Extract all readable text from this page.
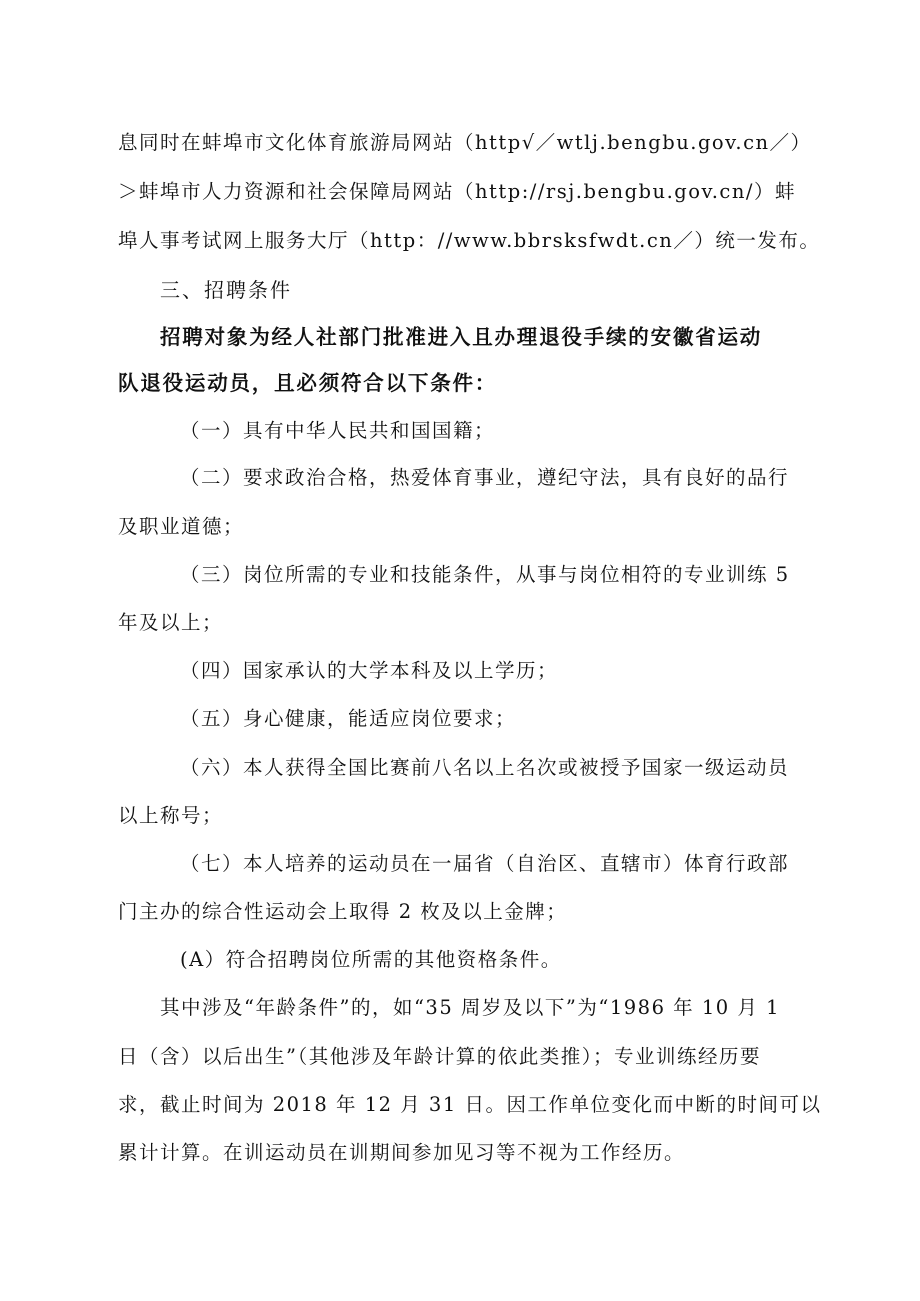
息同时在蚌埠市文化体育旅游局网站（http√／wtlj.bengbu.gov.cn／）
＞蚌埠市人力资源和社会保障局网站（http://rsj.bengbu.gov.cn/）蚌
埠人事考试网上服务大厅（http：//www.bbrsksfwdt.cn／）统一发布。
三、招聘条件
招聘对象为经人社部门批准进入且办理退役手续的安徽省运动
队退役运动员，且必须符合以下条件：
（一）具有中华人民共和国国籍；
（二）要求政治合格，热爱体育事业，遵纪守法，具有良好的品行
及职业道德；
（三）岗位所需的专业和技能条件，从事与岗位相符的专业训练 5
年及以上；
（四）国家承认的大学本科及以上学历；
（五）身心健康，能适应岗位要求；
（六）本人获得全国比赛前八名以上名次或被授予国家一级运动员
以上称号；
（七）本人培养的运动员在一届省（自治区、直辖市）体育行政部
门主办的综合性运动会上取得 2 枚及以上金牌；
(A）符合招聘岗位所需的其他资格条件。
其中涉及“年龄条件”的，如“35 周岁及以下”为“1986 年 10 月 1
日（含）以后出生”（其他涉及年龄计算的依此类推）；专业训练经历要
求，截止时间为 2018 年 12 月 31 日。因工作单位变化而中断的时间可以
累计计算。在训运动员在训期间参加见习等不视为工作经历。
